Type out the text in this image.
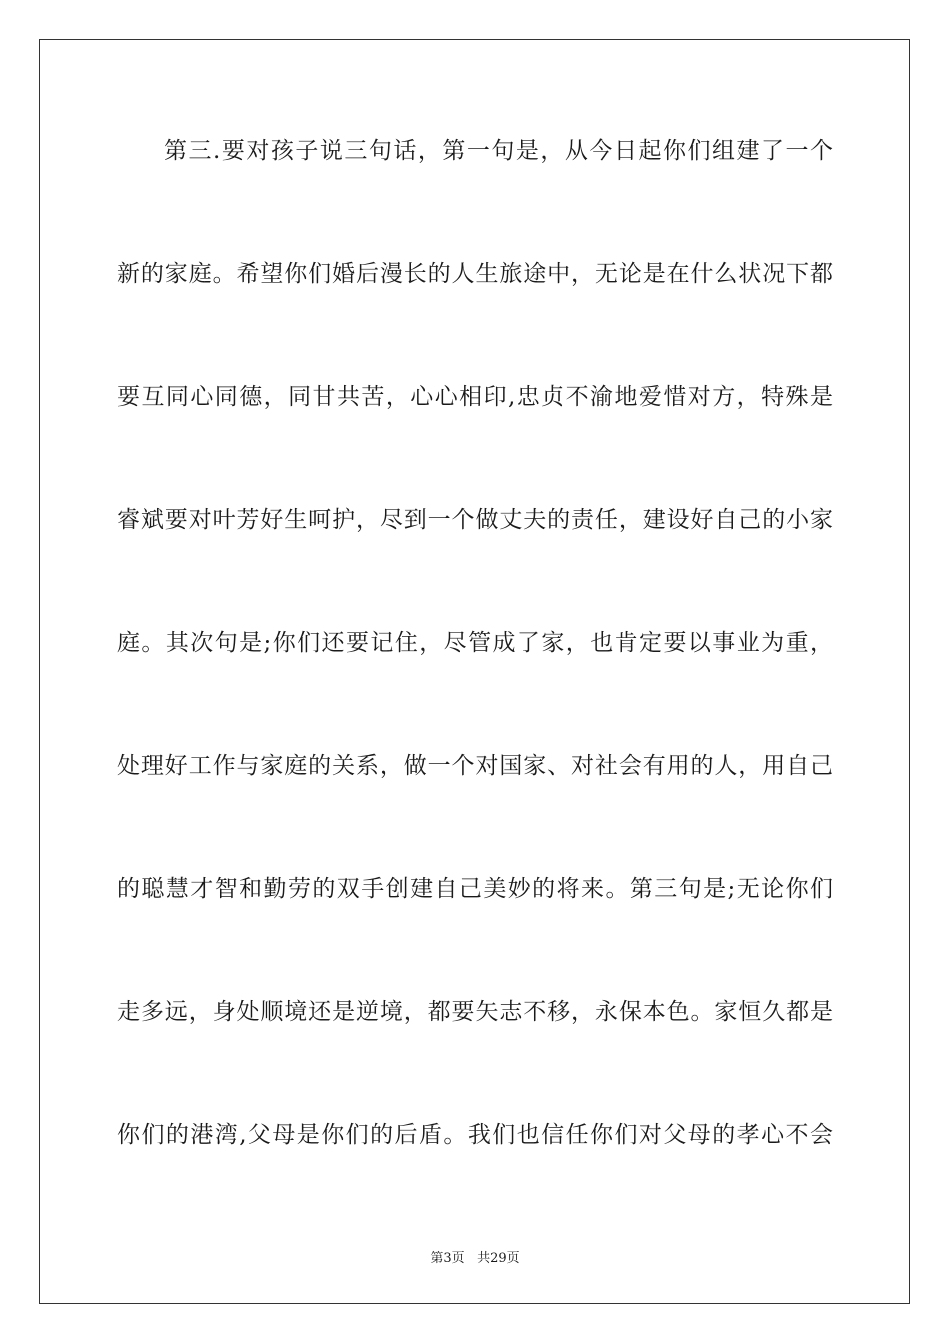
第三.要对孩子说三句话，第一句是，从今日起你们组建了一个
新的家庭。希望你们婚后漫长的人生旅途中，无论是在什么状况下都
要互同心同德，同甘共苦，心心相印,忠贞不渝地爱惜对方，特殊是
睿斌要对叶芳好生呵护，尽到一个做丈夫的责任，建设好自己的小家
庭。其次句是;你们还要记住，尽管成了家，也肯定要以事业为重，
处理好工作与家庭的关系，做一个对国家、对社会有用的人，用自己
的聪慧才智和勤劳的双手创建自己美妙的将来。第三句是;无论你们
走多远，身处顺境还是逆境，都要矢志不移，永保本色。家恒久都是
你们的港湾,父母是你们的后盾。我们也信任你们对父母的孝心不会
第3页 共29页
